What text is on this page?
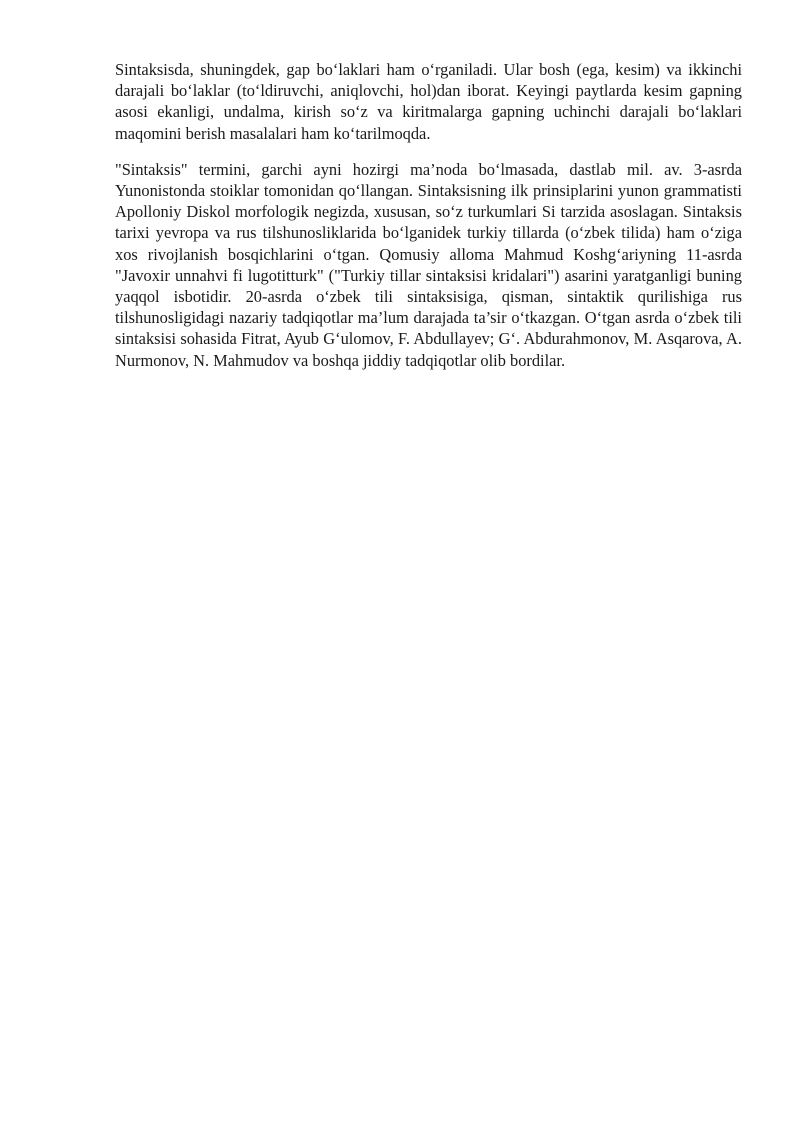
Sintaksisda, shuningdek, gap bo‘laklari ham o‘rganiladi. Ular bosh (ega, kesim) va ikkinchi darajali bo‘laklar (to‘ldiruvchi, aniqlovchi, hol)dan iborat. Keyingi paytlarda kesim gapning asosi ekanligi, undalma, kirish so‘z va kiritmalarga gapning uchinchi darajali bo‘laklari maqomini berish masalalari ham ko‘tarilmoqda.

"Sintaksis" termini, garchi ayni hozirgi ma’noda bo‘lmasada, dastlab mil. av. 3-asrda Yunonistonda stoiklar tomonidan qo‘llangan. Sintaksisning ilk prinsiplarini yunon grammatisti Apolloniy Diskol morfologik negizda, xususan, so‘z turkumlari Si tarzida asoslagan. Sintaksis tarixi yevropa va rus tilshunosliklarida bo‘lganidek turkiy tillarda (o‘zbek tilida) ham o‘ziga xos rivojlanish bosqichlarini o‘tgan. Qomusiy alloma Mahmud Koshg‘ariyning 11-asrda "Javoxir unnahvi fi lugotitturk" ("Turkiy tillar sintaksisi kridalari") asarini yaratganligi buning yaqqol isbotidir. 20-asrda o‘zbek tili sintaksisiga, qisman, sintaktik qurilishiga rus tilshunosligidagi nazariy tadqiqotlar ma’lum darajada ta’sir o‘tkazgan. O‘tgan asrda o‘zbek tili sintaksisi sohasida Fitrat, Ayub G‘ulomov, F. Abdullayev; G‘. Abdurahmonov, M. Asqarova, A. Nurmonov, N. Mahmudov va boshqa jiddiy tadqiqotlar olib bordilar.
